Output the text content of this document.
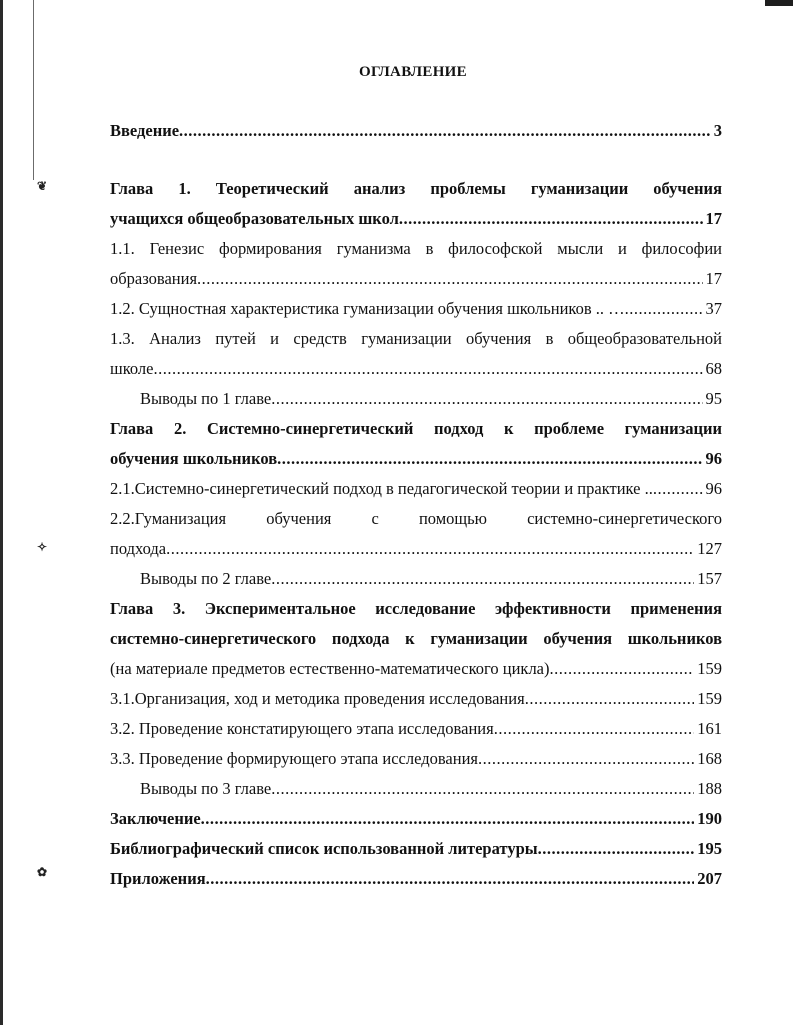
❦
✧
✿
ОГЛАВЛЕНИЕ
Введение .....	3
Глава 1. Теоретический анализ проблемы гуманизации обучения
учащихся общеобразовательных школ .....	17
1.1. Генезис формирования гуманизма в философской мысли и философии
образования .....	17
1.2. Сущностная характеристика гуманизации обучения школьников .. … .....	37
1.3. Анализ путей и средств гуманизации обучения в общеобразовательной
школе .....	68
Выводы по 1 главе .....	95
Глава 2. Системно-синергетический подход к проблеме гуманизации
обучения школьников .....	96
2.1.Системно-синергетический подход в педагогической теории и практике .. .....	96
2.2.Гуманизация обучения с помощью системно-синергетического
подхода .....	127
Выводы по 2 главе .....	157
Глава 3. Экспериментальное исследование эффективности применения
системно-синергетического подхода к гуманизации обучения школьников
(на материале предметов естественно-математического цикла) .....	159
3.1.Организация, ход и методика проведения исследования .....	159
3.2. Проведение констатирующего этапа исследования .....	161
3.3. Проведение формирующего этапа исследования .....	168
Выводы по 3 главе .....	188
Заключение .....	190
Библиографический список использованной литературы .....	195
Приложения .....	207
